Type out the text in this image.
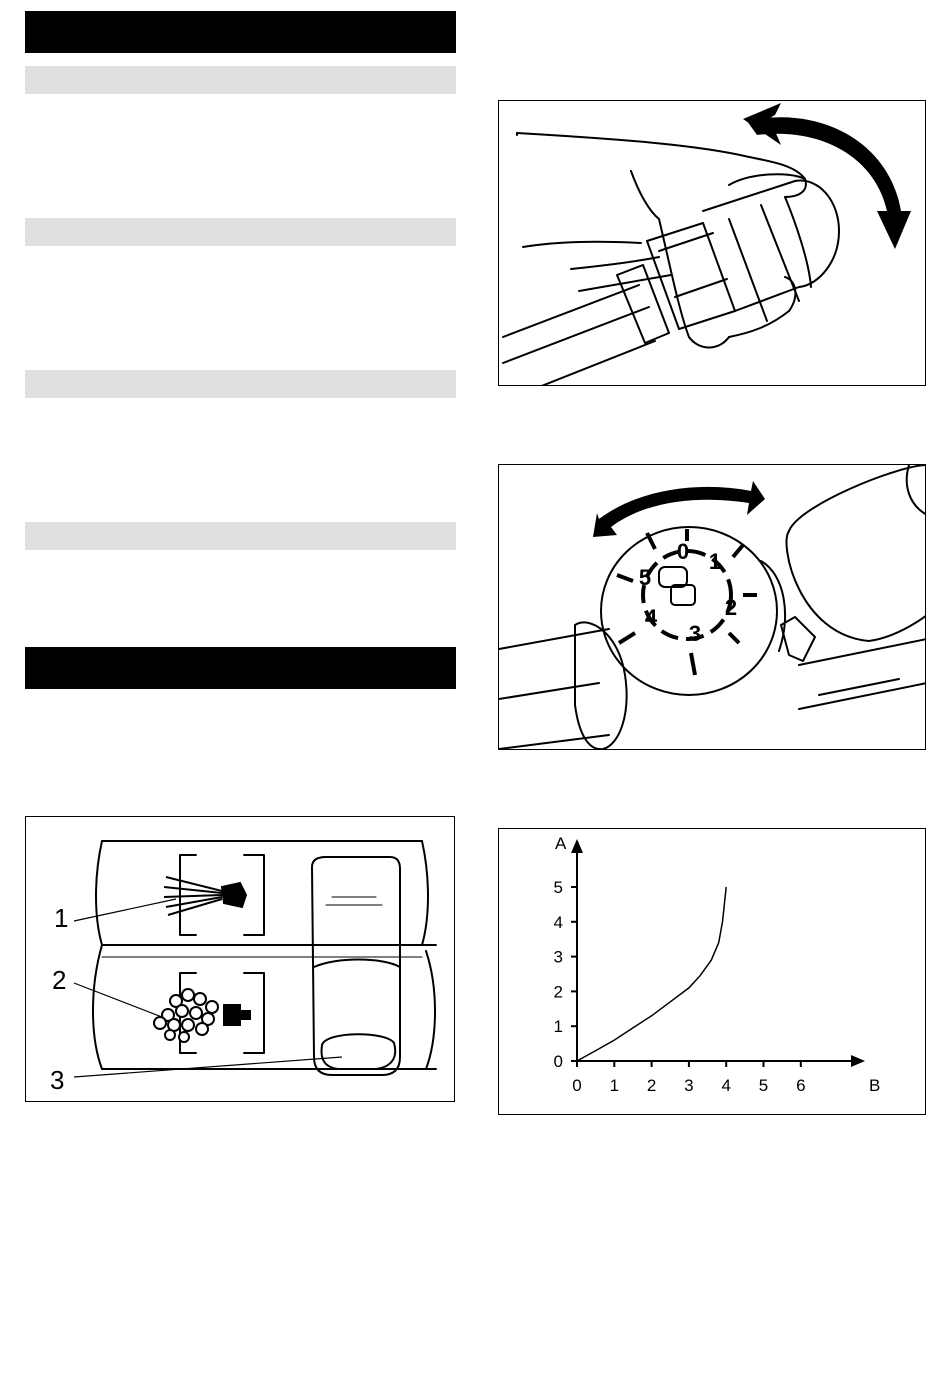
0 1
2
3
4
5
1
2
3
A
B
0 1 2 3 4 5 6
0
1
2
3
4
5
